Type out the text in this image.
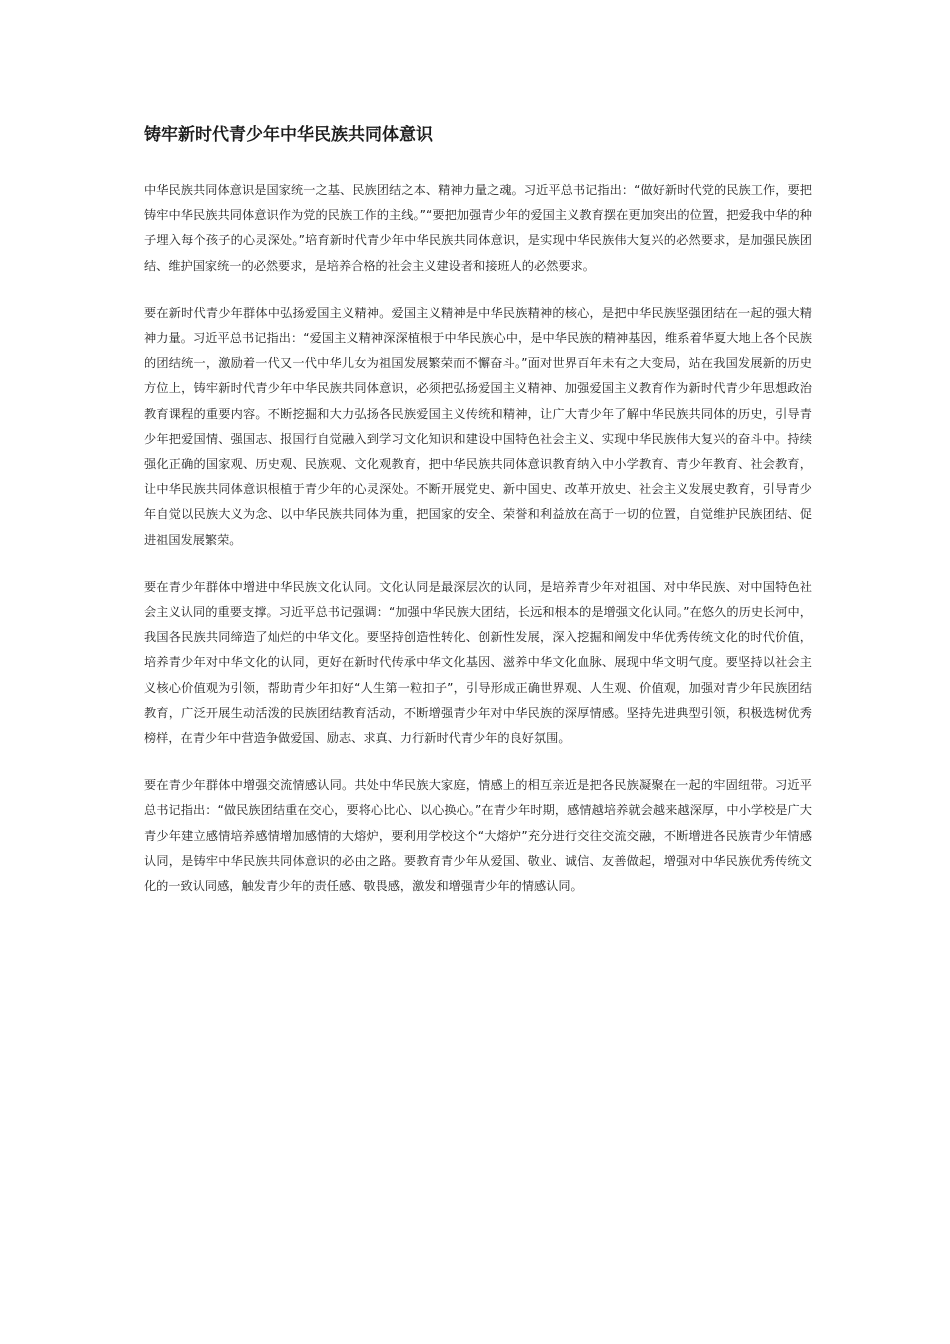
铸牢新时代青少年中华民族共同体意识

中华民族共同体意识是国家统一之基、民族团结之本、精神力量之魂。习近平总书记指出：“做好新时代党的民族工作，要把铸牢中华民族共同体意识作为党的民族工作的主线。”“要把加强青少年的爱国主义教育摆在更加突出的位置，把爱我中华的种子埋入每个孩子的心灵深处。”培育新时代青少年中华民族共同体意识，是实现中华民族伟大复兴的必然要求，是加强民族团结、维护国家统一的必然要求，是培养合格的社会主义建设者和接班人的必然要求。

要在新时代青少年群体中弘扬爱国主义精神。爱国主义精神是中华民族精神的核心，是把中华民族坚强团结在一起的强大精神力量。习近平总书记指出：“爱国主义精神深深植根于中华民族心中，是中华民族的精神基因，维系着华夏大地上各个民族的团结统一，激励着一代又一代中华儿女为祖国发展繁荣而不懈奋斗。”面对世界百年未有之大变局，站在我国发展新的历史方位上，铸牢新时代青少年中华民族共同体意识，必须把弘扬爱国主义精神、加强爱国主义教育作为新时代青少年思想政治教育课程的重要内容。不断挖掘和大力弘扬各民族爱国主义传统和精神，让广大青少年了解中华民族共同体的历史，引导青少年把爱国情、强国志、报国行自觉融入到学习文化知识和建设中国特色社会主义、实现中华民族伟大复兴的奋斗中。持续强化正确的国家观、历史观、民族观、文化观教育，把中华民族共同体意识教育纳入中小学教育、青少年教育、社会教育，让中华民族共同体意识根植于青少年的心灵深处。不断开展党史、新中国史、改革开放史、社会主义发展史教育，引导青少年自觉以民族大义为念、以中华民族共同体为重，把国家的安全、荣誉和利益放在高于一切的位置，自觉维护民族团结、促进祖国发展繁荣。

要在青少年群体中增进中华民族文化认同。文化认同是最深层次的认同，是培养青少年对祖国、对中华民族、对中国特色社会主义认同的重要支撑。习近平总书记强调：“加强中华民族大团结，长远和根本的是增强文化认同。”在悠久的历史长河中，我国各民族共同缔造了灿烂的中华文化。要坚持创造性转化、创新性发展，深入挖掘和阐发中华优秀传统文化的时代价值，培养青少年对中华文化的认同，更好在新时代传承中华文化基因、滋养中华文化血脉、展现中华文明气度。要坚持以社会主义核心价值观为引领，帮助青少年扣好“人生第一粒扣子”，引导形成正确世界观、人生观、价值观，加强对青少年民族团结教育，广泛开展生动活泼的民族团结教育活动，不断增强青少年对中华民族的深厚情感。坚持先进典型引领，积极选树优秀榜样，在青少年中营造争做爱国、励志、求真、力行新时代青少年的良好氛围。

要在青少年群体中增强交流情感认同。共处中华民族大家庭，情感上的相互亲近是把各民族凝聚在一起的牢固纽带。习近平总书记指出：“做民族团结重在交心，要将心比心、以心换心。”在青少年时期，感情越培养就会越来越深厚，中小学校是广大青少年建立感情培养感情增加感情的大熔炉，要利用学校这个“大熔炉”充分进行交往交流交融，不断增进各民族青少年情感认同，是铸牢中华民族共同体意识的必由之路。要教育青少年从爱国、敬业、诚信、友善做起，增强对中华民族优秀传统文化的一致认同感，触发青少年的责任感、敬畏感，激发和增强青少年的情感认同。
